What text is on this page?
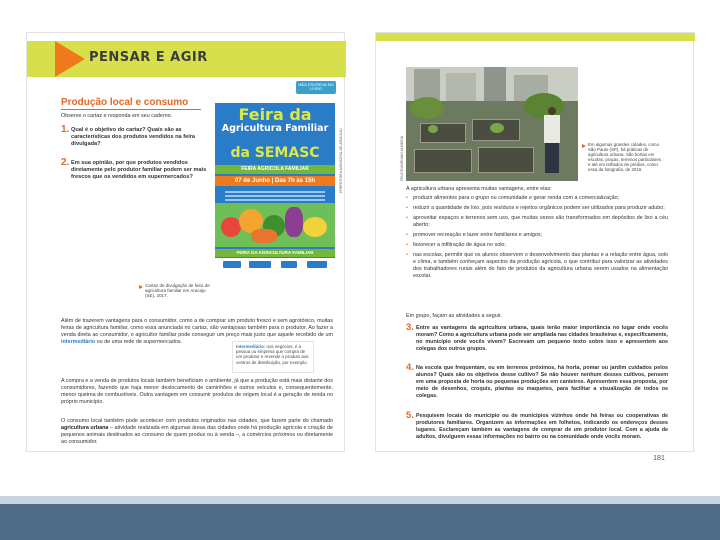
PENSAR E AGIR
NÃO ESCREVA NO LIVRO
Produção local e consumo
Observe o cartaz e responda em seu caderno.
1. Qual é o objetivo do cartaz? Quais são as características dos produtos vendidos na feira divulgada?
2. Em sua opinião, por que produtos vendidos diretamente pelo produtor familiar podem ser mais frescos que os vendidos em supermercados?
Feira da
Agricultura Familiar
da SEMASC
FEIRA AGRICOLA FAMILIAR
07 de Junho | Das 7h às 15h
FEIRA DA AGRICULTURA FAMILIAR
PREFEITURA MUNICIPAL DE ARACAJU
Cartaz de divulgação de feira de agricultura familiar em Aracaju (SE), 2017.
Além de trazerem vantagens para o consumidor, como a de comprar um produto fresco e sem agrotóxico, muitas feiras de agricultura familiar, como essa anunciada no cartaz, são vantajosas também para o produtor. Ao fazer a venda direta ao consumidor, o agricultor familiar pode conseguir um preço mais justo que aquele recebido de um intermediário ou de uma rede de supermercados.
Intermediário: nos negócios, é a pessoa ou empresa que compra de um produtor e revende o produto aos centros de distribuição, por exemplo.
A compra e a venda de produtos locais também beneficiam o ambiente, já que a produção está mais distante dos consumidores, fazendo que haja menor deslocamento de caminhões e outros veículos e, consequentemente, menor queima de combustíveis. Outra vantagem em consumir produtos de origem local é a geração de renda no próprio município.
O consumo local também pode acontecer com produtos originados nas cidades, que fazem parte do chamado agricultura urbana – atividade realizada em algumas áreas das cidades onde há produção agrícola e criação de pequenos animais destinados ao consumo de quem produz ou à venda –, a comércios próximos ou diretamente ao consumidor.
FELIPE/ADRIANO ALMEIDA	Em algumas grandes cidades, como São Paulo (SP), há práticas de agricultura urbana. São hortas em escolas, praças, terrenos particulares e até em telhados de prédios, como essa da fotografia, de 2016.
A agricultura urbana apresenta muitas vantagens, entre elas:
• produzir alimentos para o grupo ou comunidade e gerar renda com a comercialização;
• reduzir a quantidade de lixo, pois resíduos e rejeitos orgânicos podem ser utilizados para produzir adubo;
• aproveitar espaços e terrenos sem uso, que muitas vezes são transformados em depósitos de lixo a céu aberto;
• promover recreação e lazer entre familiares e amigos;
• favorecer a infiltração de água no solo;
• nas escolas, permitir que os alunos observem o desenvolvimento das plantas e a relação entre água, solo e clima, e também conheçam aspectos da produção agrícola, o que contribui para valorizar as atividades dos trabalhadores rurais além do fato de produtos da agricultura urbana serem usados na alimentação escolar.
Em grupo, façam as atividades a seguir.
3. Entre as vantagens da agricultura urbana, quais terão maior importância no lugar onde vocês moram? Como a agricultura urbana pode ser ampliada nas cidades brasileiras e, especificamente, no município onde vocês vivem? Escrevam um pequeno texto sobre isso e apresentem aos colegas dos outros grupos.
4. Na escola que frequentam, ou em terrenos próximos, há horta, pomar ou jardim cuidados pelos alunos? Quais são os objetivos desse cultivo? Se não houver nenhum desses cultivos, pensem em uma proposta de horta ou pequenas produções em canteiros. Apresentem essa proposta, por meio de desenhos, croquis, plantas ou maquetes, para facilitar a visualização de todos os colegas.
5. Pesquisem locais do município ou de municípios vizinhos onde há feiras ou cooperativas de produtores familiares. Organizem as informações em folhetos, indicando os endereços desses lugares. Esclareçam também as vantagens de comprar de um produtor local. Com a ajuda de adultos, divulguem essas informações no bairro ou na comunidade onde vocês moram.
181
